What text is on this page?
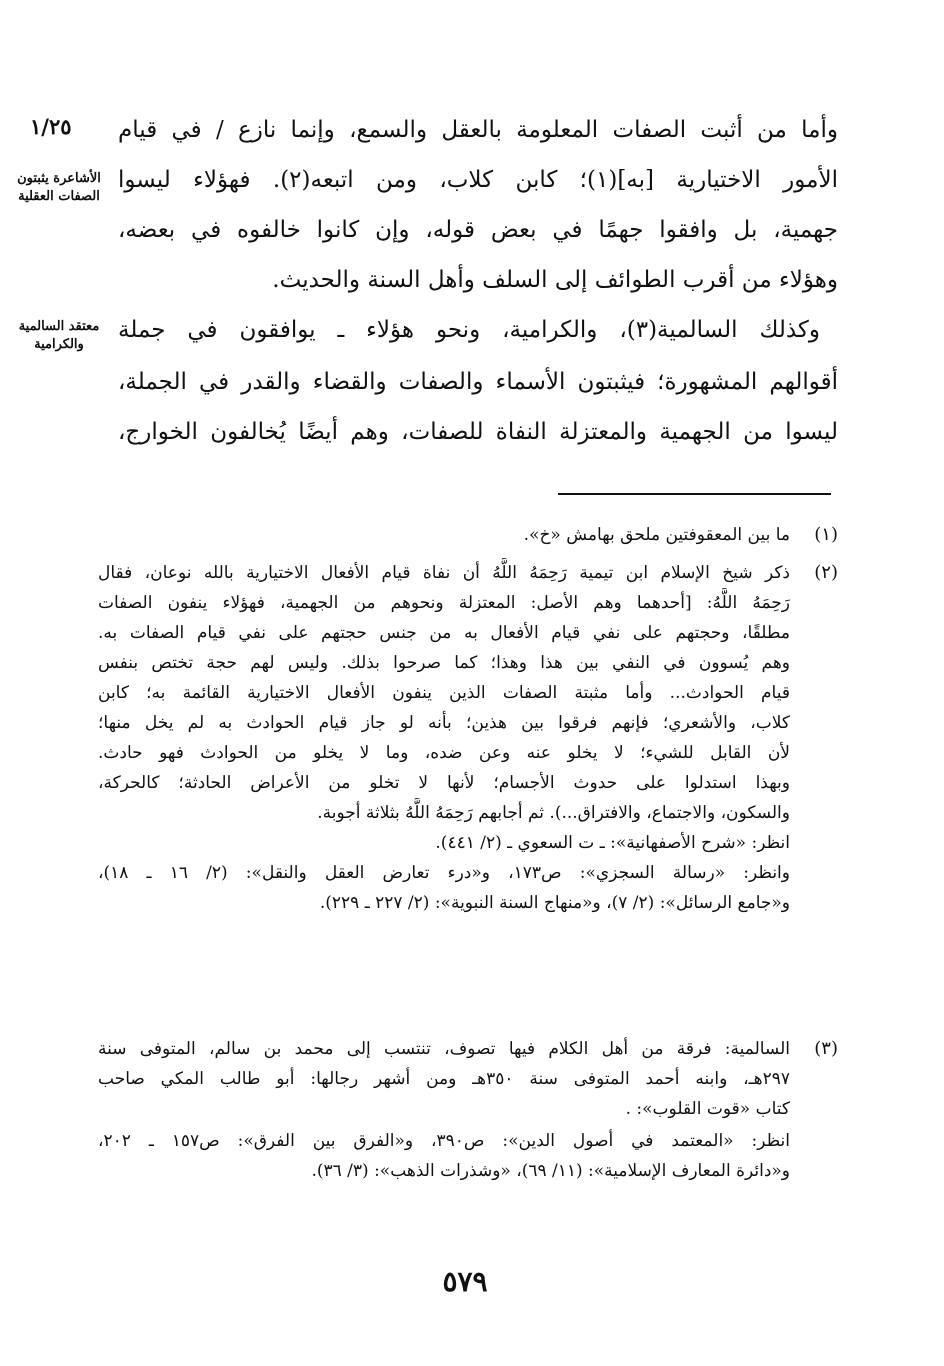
١/٢٥
الأشاعرة يثبتون الصفات العقلية
معتقد السالمية والكرامية
وأما من أثبت الصفات المعلومة بالعقل والسمع، وإنما نازع / في قيام
الأمور الاختيارية [به](١)؛ كابن كلاب، ومن اتبعه(٢). فهؤلاء ليسوا
جهمية، بل وافقوا جهمًا في بعض قوله، وإن كانوا خالفوه في بعضه،
وهؤلاء من أقرب الطوائف إلى السلف وأهل السنة والحديث.
وكذلك السالمية(٣)، والكرامية، ونحو هؤلاء ـ يوافقون في جملة
أقوالهم المشهورة؛ فيثبتون الأسماء والصفات والقضاء والقدر في الجملة،
ليسوا من الجهمية والمعتزلة النفاة للصفات، وهم أيضًا يُخالفون الخوارج،
(١)
ما بين المعقوفتين ملحق بهامش «خ».
(٢)
ذكر شيخ الإسلام ابن تيمية رَحِمَهُ اللَّهُ أن نفاة قيام الأفعال الاختيارية بالله نوعان، فقال
رَحِمَهُ اللَّهُ: [أحدهما وهم الأصل: المعتزلة ونحوهم من الجهمية، فهؤلاء ينفون الصفات
مطلقًا، وحجتهم على نفي قيام الأفعال به من جنس حجتهم على نفي قيام الصفات به.
وهم يُسوون في النفي بين هذا وهذا؛ كما صرحوا بذلك. وليس لهم حجة تختص بنفس
قيام الحوادث... وأما مثبتة الصفات الذين ينفون الأفعال الاختيارية القائمة به؛ كابن
كلاب، والأشعري؛ فإنهم فرقوا بين هذين؛ بأنه لو جاز قيام الحوادث به لم يخل منها؛
لأن القابل للشيء؛ لا يخلو عنه وعن ضده، وما لا يخلو من الحوادث فهو حادث.
وبهذا استدلوا على حدوث الأجسام؛ لأنها لا تخلو من الأعراض الحادثة؛ كالحركة،
والسكون، والاجتماع، والافتراق...). ثم أجابهم رَحِمَهُ اللَّهُ بثلاثة أجوبة.
انظر: «شرح الأصفهانية»: ـ ت السعوي ـ (٢/ ٤٤١).
وانظر: «رسالة السجزي»: ص١٧٣، و«درء تعارض العقل والنقل»: (٢/ ١٦ ـ ١٨)،
و«جامع الرسائل»: (٢/ ٧)، و«منهاج السنة النبوية»: (٢/ ٢٢٧ ـ ٢٢٩).
(٣)
السالمية: فرقة من أهل الكلام فيها تصوف، تنتسب إلى محمد بن سالم، المتوفى سنة
٢٩٧هـ، وابنه أحمد المتوفى سنة ٣٥٠هـ ومن أشهر رجالها: أبو طالب المكي صاحب
كتاب «قوت القلوب»: .
انظر: «المعتمد في أصول الدين»: ص٣٩٠، و«الفرق بين الفرق»: ص١٥٧ ـ ٢٠٢،
و«دائرة المعارف الإسلامية»: (١١/ ٦٩)، «وشذرات الذهب»: (٣/ ٣٦).
٥٧٩
